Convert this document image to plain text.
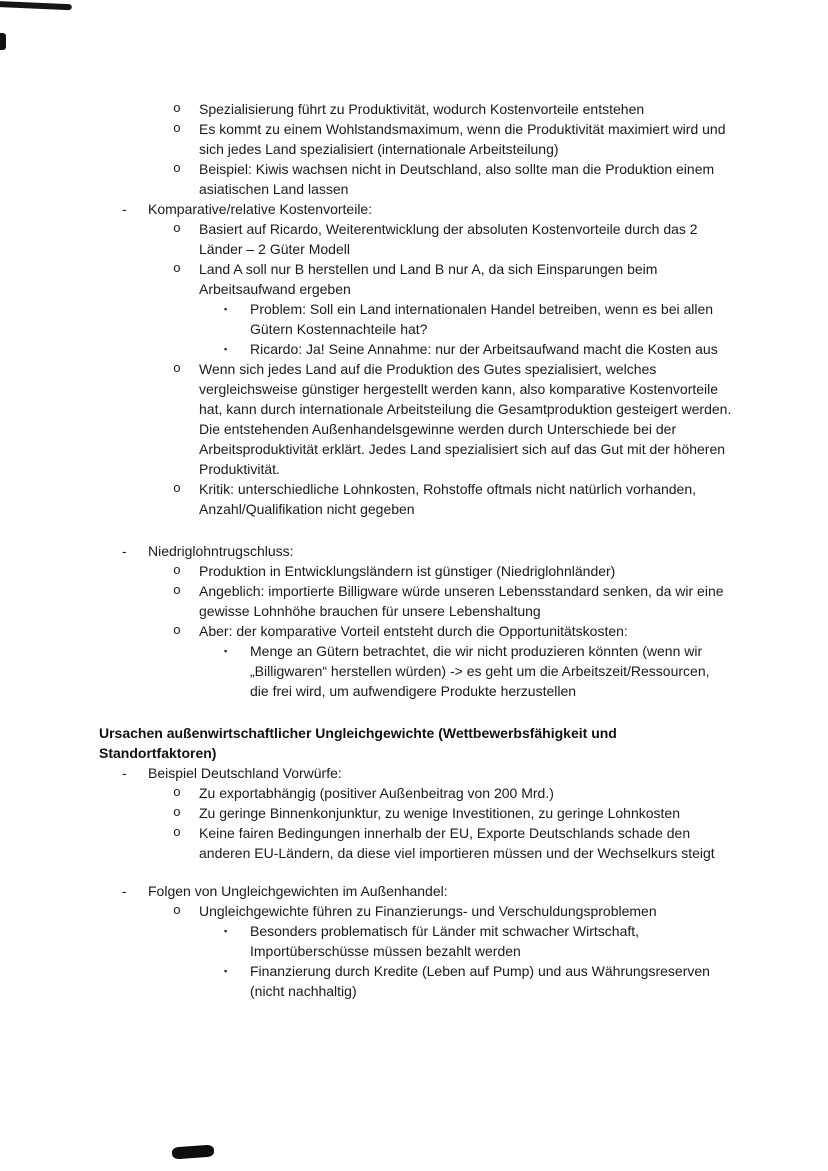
o	Spezialisierung führt zu Produktivität, wodurch Kostenvorteile entstehen
o	Es kommt zu einem Wohlstandsmaximum, wenn die Produktivität maximiert wird und sich jedes Land spezialisiert (internationale Arbeitsteilung)
o	Beispiel: Kiwis wachsen nicht in Deutschland, also sollte man die Produktion einem asiatischen Land lassen
-	Komparative/relative Kostenvorteile:
o	Basiert auf Ricardo, Weiterentwicklung der absoluten Kostenvorteile durch das 2 Länder – 2 Güter Modell
o	Land A soll nur B herstellen und Land B nur A, da sich Einsparungen beim Arbeitsaufwand ergeben
▪	Problem: Soll ein Land internationalen Handel betreiben, wenn es bei allen Gütern Kostennachteile hat?
▪	Ricardo: Ja! Seine Annahme: nur der Arbeitsaufwand macht die Kosten aus
o	Wenn sich jedes Land auf die Produktion des Gutes spezialisiert, welches vergleichsweise günstiger hergestellt werden kann, also komparative Kostenvorteile hat, kann durch internationale Arbeitsteilung die Gesamtproduktion gesteigert werden. Die entstehenden Außenhandelsgewinne werden durch Unterschiede bei der Arbeitsproduktivität erklärt. Jedes Land spezialisiert sich auf das Gut mit der höheren Produktivität.
o	Kritik: unterschiedliche Lohnkosten, Rohstoffe oftmals nicht natürlich vorhanden, Anzahl/Qualifikation nicht gegeben
-	Niedriglohntrugschluss:
o	Produktion in Entwicklungsländern ist günstiger (Niedriglohnländer)
o	Angeblich: importierte Billigware würde unseren Lebensstandard senken, da wir eine gewisse Lohnhöhe brauchen für unsere Lebenshaltung
o	Aber: der komparative Vorteil entsteht durch die Opportunitätskosten:
▪	Menge an Gütern betrachtet, die wir nicht produzieren könnten (wenn wir „Billigwaren“ herstellen würden) -> es geht um die Arbeitszeit/Ressourcen, die frei wird, um aufwendigere Produkte herzustellen
Ursachen außenwirtschaftlicher Ungleichgewichte (Wettbewerbsfähigkeit und Standortfaktoren)
-	Beispiel Deutschland Vorwürfe:
o	Zu exportabhängig (positiver Außenbeitrag von 200 Mrd.)
o	Zu geringe Binnenkonjunktur, zu wenige Investitionen, zu geringe Lohnkosten
o	Keine fairen Bedingungen innerhalb der EU, Exporte Deutschlands schade den anderen EU-Ländern, da diese viel importieren müssen und der Wechselkurs steigt
-	Folgen von Ungleichgewichten im Außenhandel:
o	Ungleichgewichte führen zu Finanzierungs- und Verschuldungsproblemen
▪	Besonders problematisch für Länder mit schwacher Wirtschaft, Importüberschüsse müssen bezahlt werden
▪	Finanzierung durch Kredite (Leben auf Pump) und aus Währungsreserven (nicht nachhaltig)
